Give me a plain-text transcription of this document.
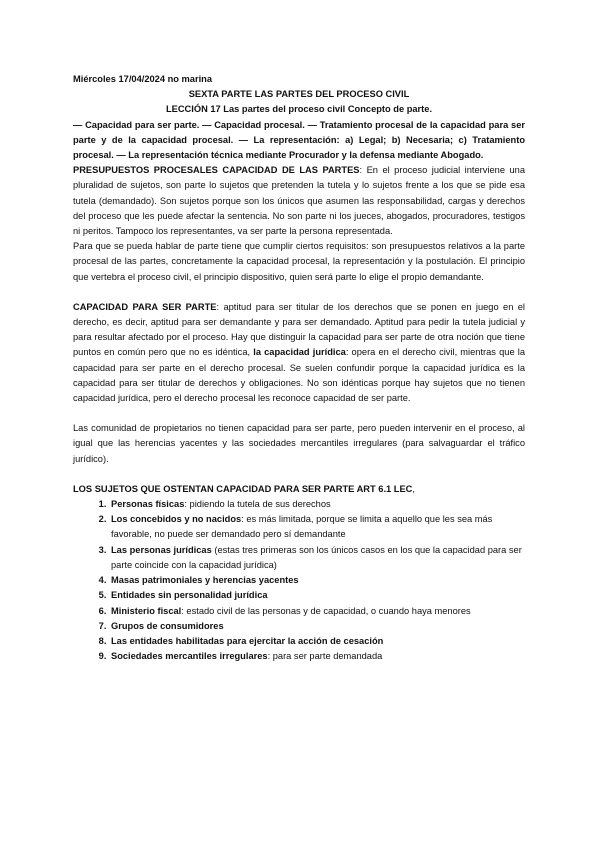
Miércoles 17/04/2024 no marina
SEXTA PARTE LAS PARTES DEL PROCESO CIVIL
LECCIÓN 17 Las partes del proceso civil Concepto de parte.

— Capacidad para ser parte. — Capacidad procesal. — Tratamiento procesal de la capacidad para ser parte y de la capacidad procesal. — La representación: a) Legal; b) Necesaria; c) Tratamiento procesal. — La representación técnica mediante Procurador y la defensa mediante Abogado.

PRESUPUESTOS PROCESALES CAPACIDAD DE LAS PARTES: En el proceso judicial interviene una pluralidad de sujetos, son parte lo sujetos que pretenden la tutela y lo sujetos frente a los que se pide esa tutela (demandado). Son sujetos porque son los únicos que asumen las responsabilidad, cargas y derechos del proceso que les puede afectar la sentencia. No son parte ni los jueces, abogados, procuradores, testigos ni peritos. Tampoco los representantes, va ser parte la persona representada.

Para que se pueda hablar de parte tiene que cumplir ciertos requisitos: son presupuestos relativos a la parte procesal de las partes, concretamente la capacidad procesal, la representación y la postulación. El principio que vertebra el proceso civil, el principio dispositivo, quien será parte lo elige el propio demandante.

CAPACIDAD PARA SER PARTE: aptitud para ser titular de los derechos que se ponen en juego en el derecho, es decir, aptitud para ser demandante y para ser demandado. Aptitud para pedir la tutela judicial y para resultar afectado por el proceso. Hay que distinguir la capacidad para ser parte de otra noción que tiene puntos en común pero que no es idéntica, la capacidad jurídica: opera en el derecho civil, mientras que la capacidad para ser parte en el derecho procesal. Se suelen confundir porque la capacidad jurídica es la capacidad para ser titular de derechos y obligaciones. No son idénticas porque hay sujetos que no tienen capacidad jurídica, pero el derecho procesal les reconoce capacidad de ser parte.

Las comunidad de propietarios no tienen capacidad para ser parte, pero pueden intervenir en el proceso, al igual que las herencias yacentes y las sociedades mercantiles irregulares (para salvaguardar el tráfico jurídico).

LOS SUJETOS QUE OSTENTAN CAPACIDAD PARA SER PARTE ART 6.1 LEC,
1. Personas físicas: pidiendo la tutela de sus derechos
2. Los concebidos y no nacidos: es más limitada, porque se limita a aquello que les sea más favorable, no puede ser demandado pero sí demandante
3. Las personas jurídicas (estas tres primeras son los únicos casos en los que la capacidad para ser parte coincide con la capacidad jurídica)
4. Masas patrimoniales y herencias yacentes
5. Entidades sin personalidad jurídica
6. Ministerio fiscal: estado civil de las personas y de capacidad, o cuando haya menores
7. Grupos de consumidores
8. Las entidades habilitadas para ejercitar la acción de cesación
9. Sociedades mercantiles irregulares: para ser parte demandada
